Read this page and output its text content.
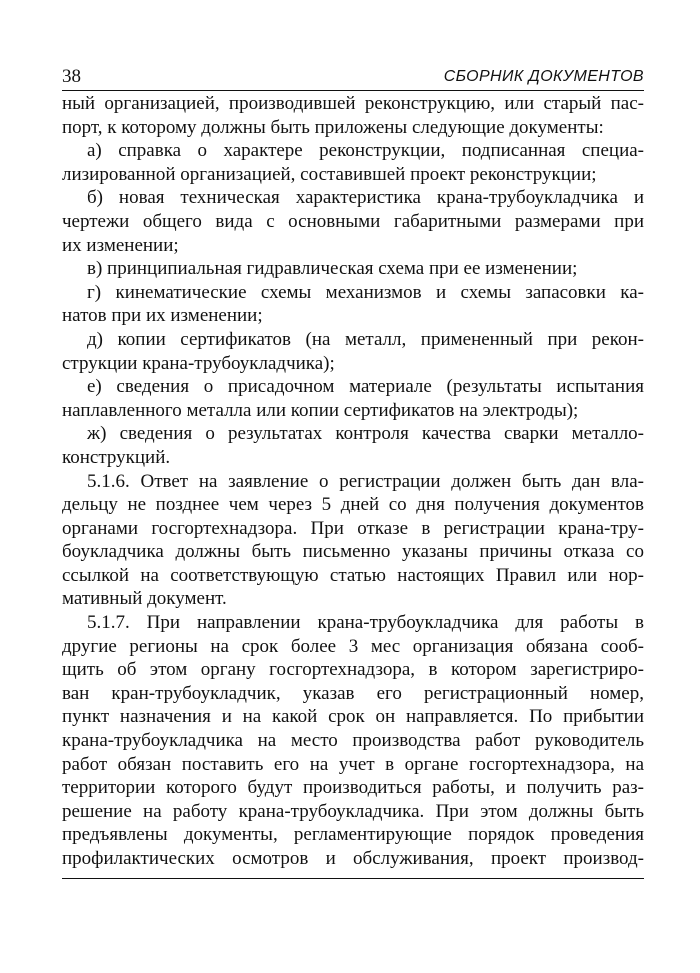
38	СБОРНИК ДОКУМЕНТОВ
ный организацией, производившей реконструкцию, или старый пас-
порт, к которому должны быть приложены следующие документы:
а) справка о характере реконструкции, подписанная специа-
лизированной организацией, составившей проект реконструкции;
б) новая техническая характеристика крана-трубоукладчика и
чертежи общего вида с основными габаритными размерами при
их изменении;
в) принципиальная гидравлическая схема при ее изменении;
г) кинематические схемы механизмов и схемы запасовки ка-
натов при их изменении;
д) копии сертификатов (на металл, примененный при рекон-
струкции крана-трубоукладчика);
е) сведения о присадочном материале (результаты испытания
наплавленного металла или копии сертификатов на электроды);
ж) сведения о результатах контроля качества сварки металло-
конструкций.
5.1.6. Ответ на заявление о регистрации должен быть дан вла-
дельцу не позднее чем через 5 дней со дня получения документов
органами госгортехнадзора. При отказе в регистрации крана-тру-
боукладчика должны быть письменно указаны причины отказа со
ссылкой на соответствующую статью настоящих Правил или нор-
мативный документ.
5.1.7. При направлении крана-трубоукладчика для работы в
другие регионы на срок более 3 мес организация обязана сооб-
щить об этом органу госгортехнадзора, в котором зарегистриро-
ван кран-трубоукладчик, указав его регистрационный номер,
пункт назначения и на какой срок он направляется. По прибытии
крана-трубоукладчика на место производства работ руководитель
работ обязан поставить его на учет в органе госгортехнадзора, на
территории которого будут производиться работы, и получить раз-
решение на работу крана-трубоукладчика. При этом должны быть
предъявлены документы, регламентирующие порядок проведения
профилактических осмотров и обслуживания, проект производ-
